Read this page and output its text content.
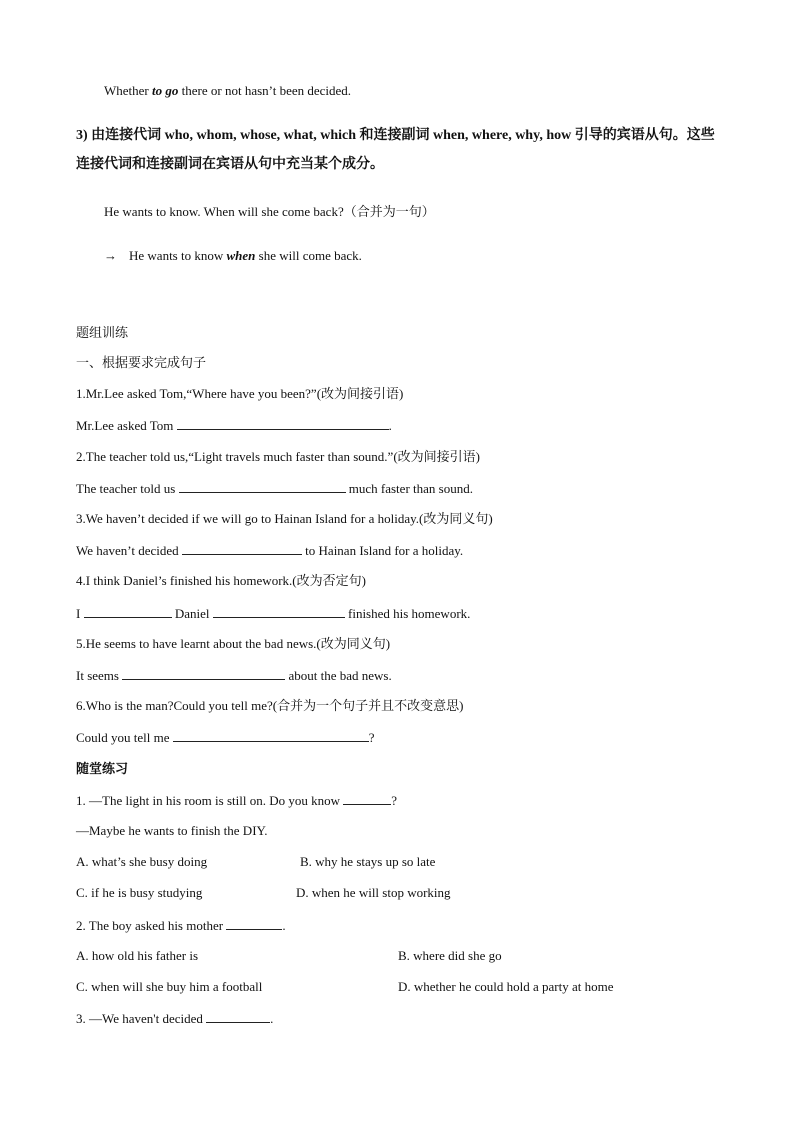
Whether to go there or not hasn’t been decided.
3) 由连接代词 who, whom, whose, what, which 和连接副词 when, where, why, how 引导的宾语从句。这些
连接代词和连接副词在宾语从句中充当某个成分。
He wants to know. When will she come back?（合并为一句）
→ He wants to know when she will come back.
题组训练
一、根据要求完成句子
1.Mr.Lee asked Tom,“Where have you been?”(改为间接引语)
Mr.Lee asked Tom	.
2.The teacher told us,“Light travels much faster than sound.”(改为间接引语)
The teacher told us	much faster than sound.
3.We haven’t decided if we will go to Hainan Island for a holiday.(改为同义句)
We haven’t decided	to Hainan Island for a holiday.
4.I think Daniel’s finished his homework.(改为否定句)
I	Daniel	finished his homework.
5.He seems to have learnt about the bad news.(改为同义句)
It seems	about the bad news.
6.Who is the man?Could you tell me?(合并为一个句子并且不改变意思)
Could you tell me	?
随堂练习
1. —The light in his room is still on. Do you know	?
—Maybe he wants to finish the DIY.
A. what’s she busy doing	B. why he stays up so late
C. if he is busy studying	D. when he will stop working
2. The boy asked his mother	.
A. how old his father is	B. where did she go
C. when will she buy him a football	D. whether he could hold a party at home
3. —We haven't decided	.
